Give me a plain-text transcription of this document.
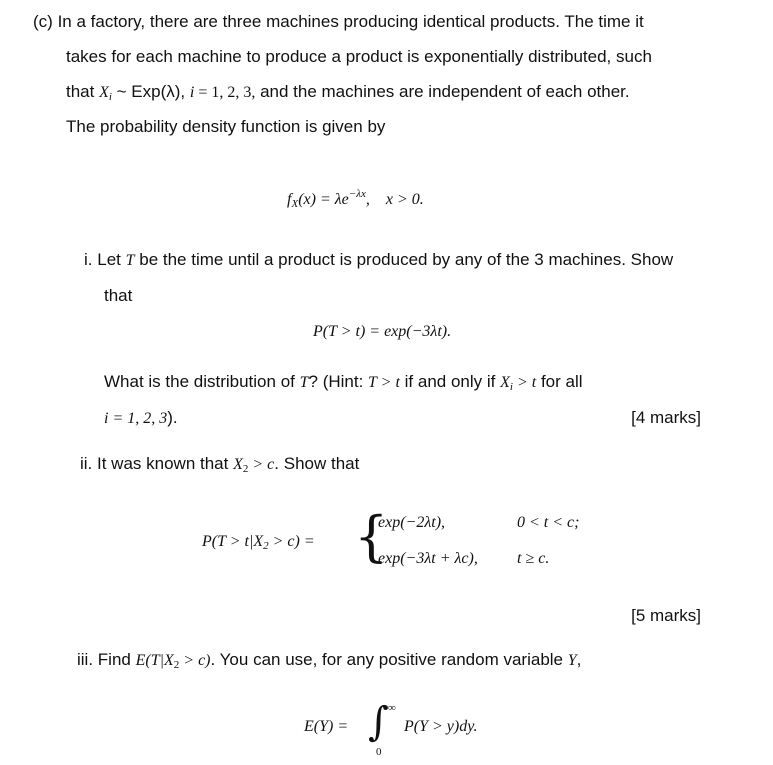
(c) In a factory, there are three machines producing identical products. The time it
takes for each machine to produce a product is exponentially distributed, such
that $X_i$ ~ Exp(λ), i = 1, 2, 3, and the machines are independent of each other.
The probability density function is given by
$f_X(x) = \lambda e^{-\lambda x}$,    x > 0.
i. Let T be the time until a product is produced by any of the 3 machines. Show
that
P(T > t) = exp(−3λt).
What is the distribution of T? (Hint: T > t if and only if $X_i > t$ for all
i = 1, 2, 3).	[4 marks]
ii. It was known that $X_2 > c$. Show that
$P(T > t|X_2 > c)$ = {
exp(−2λt),	0 < t < c;
exp(−3λt + λc), t ≥ c.
[5 marks]
iii. Find $E(T|X_2 > c)$. You can use, for any positive random variable Y,
E(Y) = ∫ ∞
0
P(Y > y)dy.
